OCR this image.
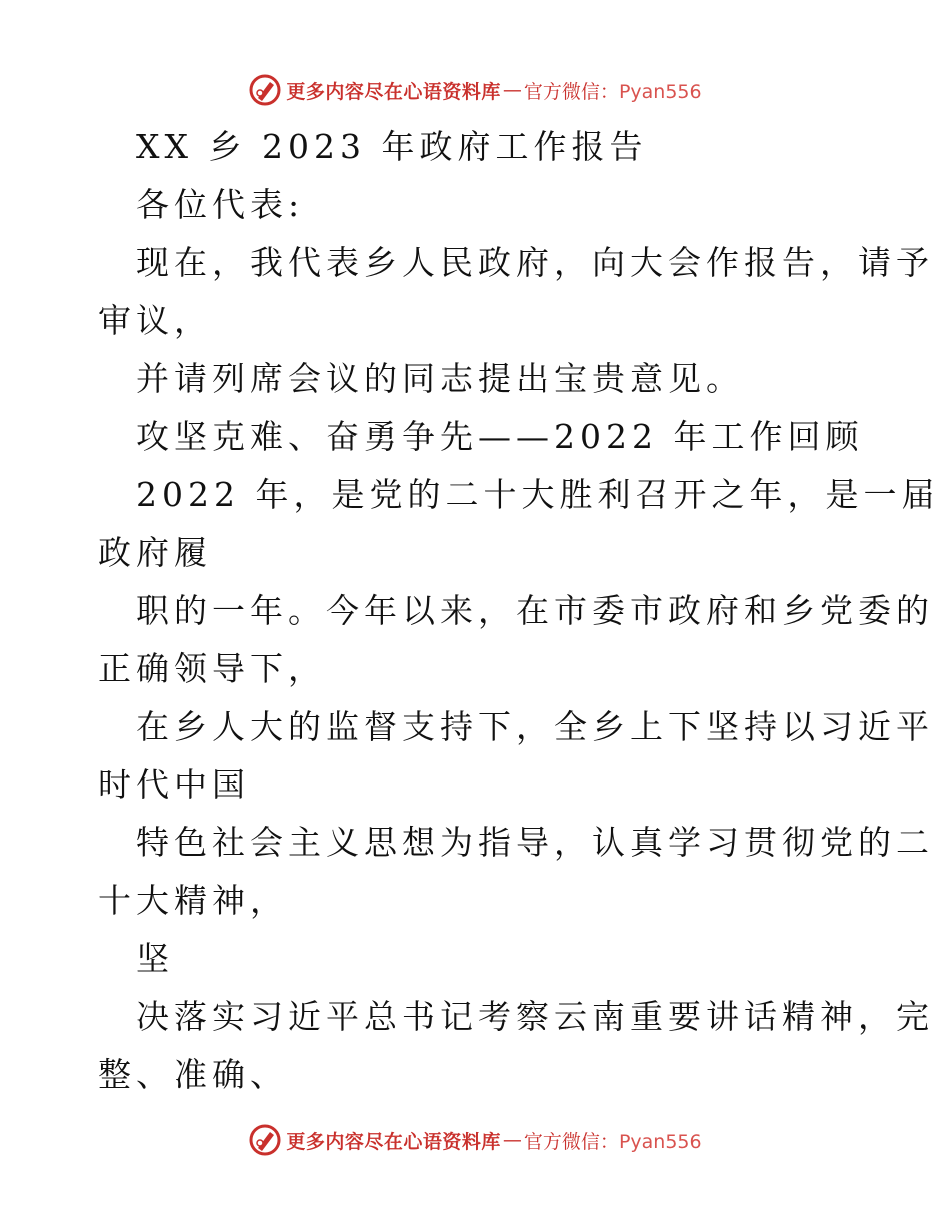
更多内容尽在心语资料库 — 官方微信：Pyan556
XX 乡 2023 年政府工作报告
各位代表:
现在，我代表乡人民政府，向大会作报告，请予
审议，
并请列席会议的同志提出宝贵意见。
攻坚克难、奋勇争先——2022 年工作回顾
2022 年，是党的二十大胜利召开之年，是一届
政府履
职的一年。今年以来，在市委市政府和乡党委的
正确领导下，
在乡人大的监督支持下，全乡上下坚持以习近平
时代中国
特色社会主义思想为指导，认真学习贯彻党的二
十大精神，
坚
决落实习近平总书记考察云南重要讲话精神，完
整、准确、
更多内容尽在心语资料库 — 官方微信：Pyan556
